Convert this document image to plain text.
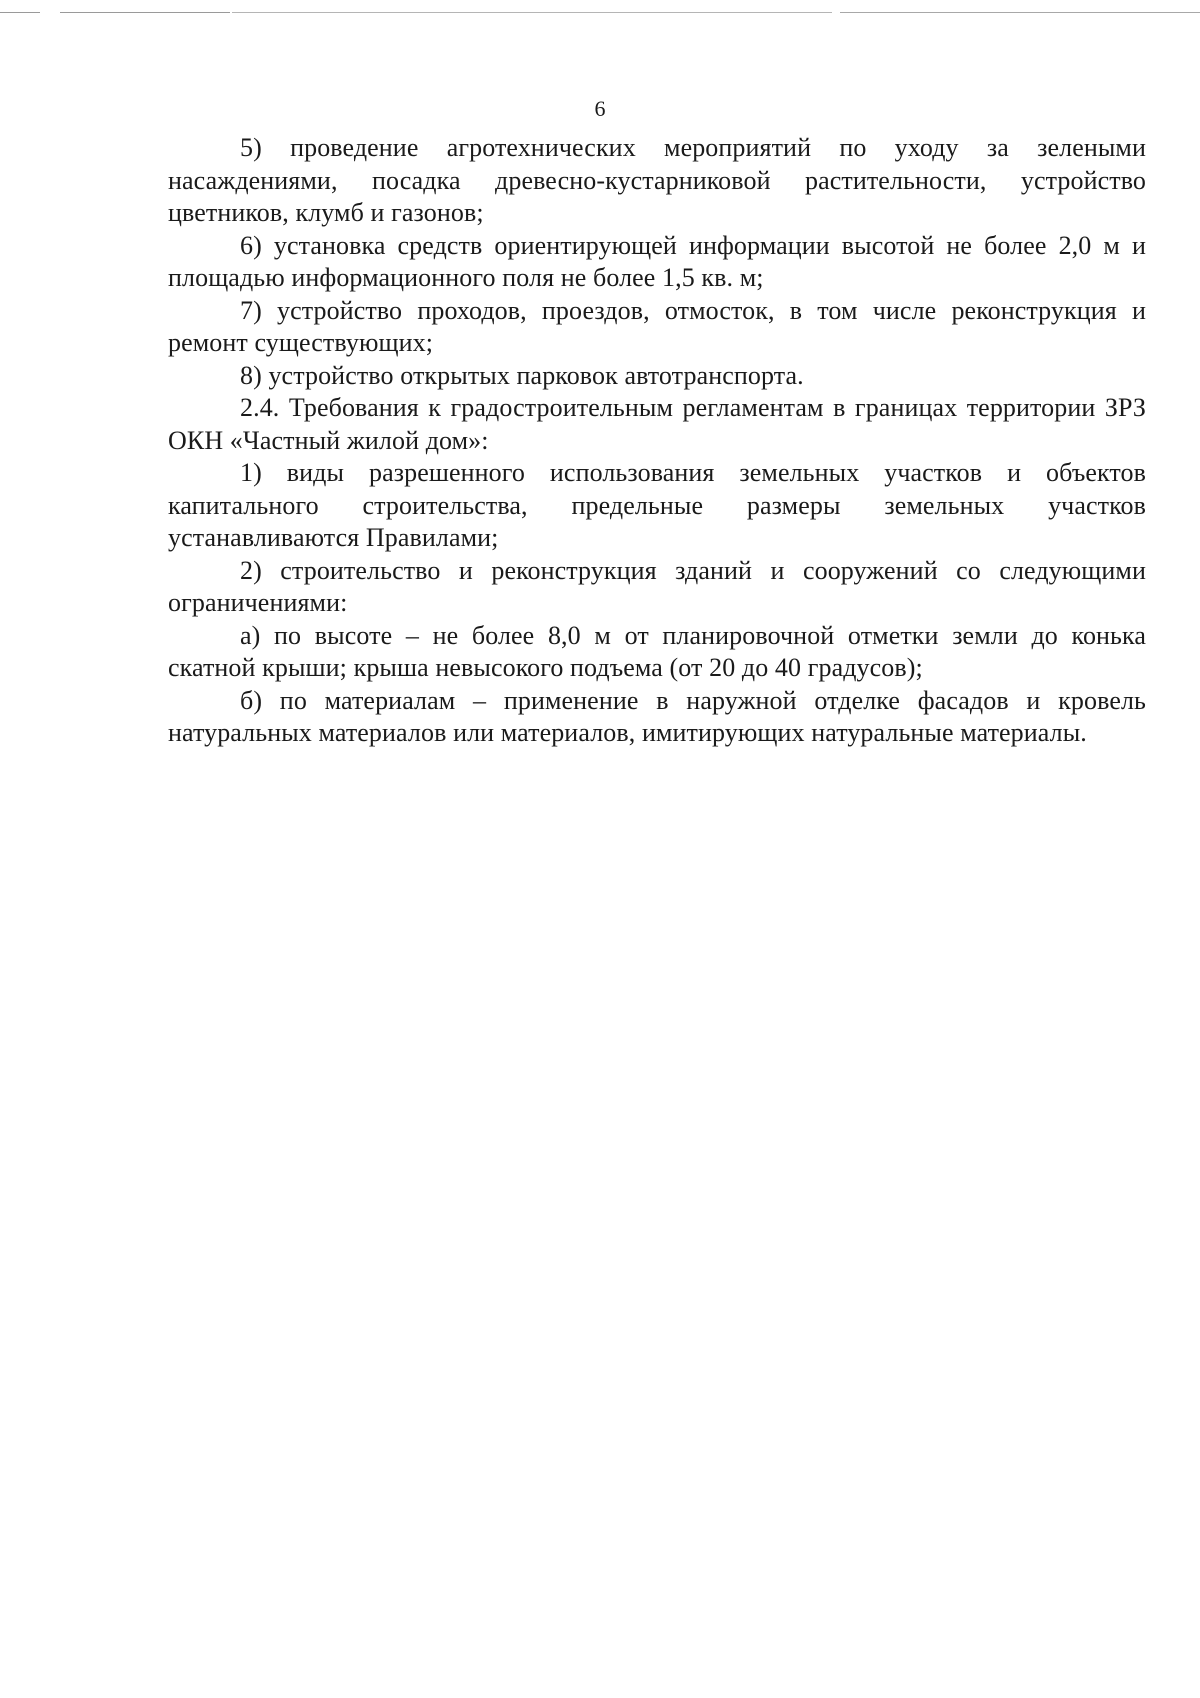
6

5) проведение агротехнических мероприятий по уходу за зелеными насаждениями, посадка древесно-кустарниковой растительности, устройство цветников, клумб и газонов;

6) установка средств ориентирующей информации высотой не более 2,0 м и площадью информационного поля не более 1,5 кв. м;

7) устройство проходов, проездов, отмосток, в том числе реконструкция и ремонт существующих;

8) устройство открытых парковок автотранспорта.

2.4. Требования к градостроительным регламентам в границах территории ЗРЗ ОКН «Частный жилой дом»:

1) виды разрешенного использования земельных участков и объектов капитального строительства, предельные размеры земельных участков устанавливаются Правилами;

2) строительство и реконструкция зданий и сооружений со следующими ограничениями:

а) по высоте – не более 8,0 м от планировочной отметки земли до конька скатной крыши; крыша невысокого подъема (от 20 до 40 градусов);

б) по материалам – применение в наружной отделке фасадов и кровель натуральных материалов или материалов, имитирующих натуральные материалы.
